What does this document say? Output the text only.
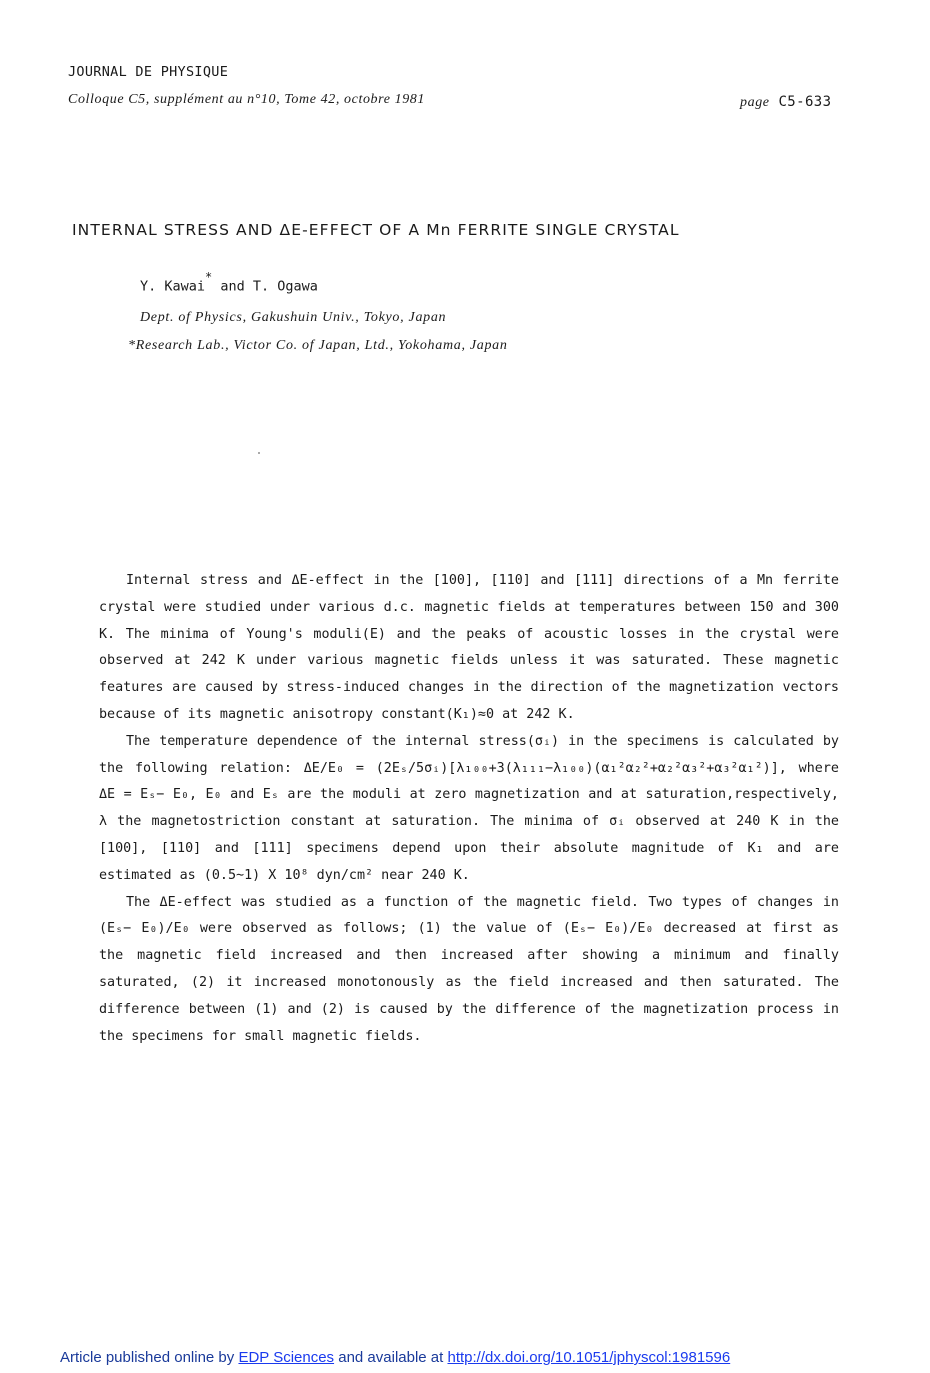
JOURNAL DE PHYSIQUE
Colloque C5, supplément au n°10, Tome 42, octobre 1981	page C5-633
INTERNAL STRESS AND ΔE-EFFECT OF A Mn FERRITE SINGLE CRYSTAL
Y. Kawai* and T. Ogawa
Dept. of Physics, Gakushuin Univ., Tokyo, Japan
*Research Lab., Victor Co. of Japan, Ltd., Yokohama, Japan

Internal stress and ΔE-effect in the [100], [110] and [111] directions of a Mn ferrite crystal were studied under various d.c. magnetic fields at temperatures between 150 and 300 K. The minima of Young's moduli(E) and the peaks of acoustic losses in the crystal were observed at 242 K under various magnetic fields unless it was saturated. These magnetic features are caused by stress-induced changes in the direction of the magnetization vectors because of its magnetic anisotropy constant(K₁)≈0 at 242 K.

The temperature dependence of the internal stress(σᵢ) in the specimens is calculated by the following relation: ΔE/E₀ = (2Eₛ/5σᵢ)[λ₁₀₀+3(λ₁₁₁−λ₁₀₀)(α₁²α₂²+α₂²α₃²+α₃²α₁²)], where ΔE = Eₛ− E₀, E₀ and Eₛ are the moduli at zero magnetization and at saturation,respectively, λ the magnetostriction constant at saturation. The minima of σᵢ observed at 240 K in the [100], [110] and [111] specimens depend upon their absolute magnitude of K₁ and are estimated as (0.5∼1) X 10⁸ dyn/cm² near 240 K.

The ΔE-effect was studied as a function of the magnetic field. Two types of changes in (Eₛ− E₀)/E₀ were observed as follows; (1) the value of (Eₛ− E₀)/E₀ decreased at first as the magnetic field increased and then increased after showing a minimum and finally saturated, (2) it increased monotonously as the field increased and then saturated. The difference between (1) and (2) is caused by the difference of the magnetization process in the specimens for small magnetic fields.

Article published online by EDP Sciences and available at http://dx.doi.org/10.1051/jphyscol:1981596
